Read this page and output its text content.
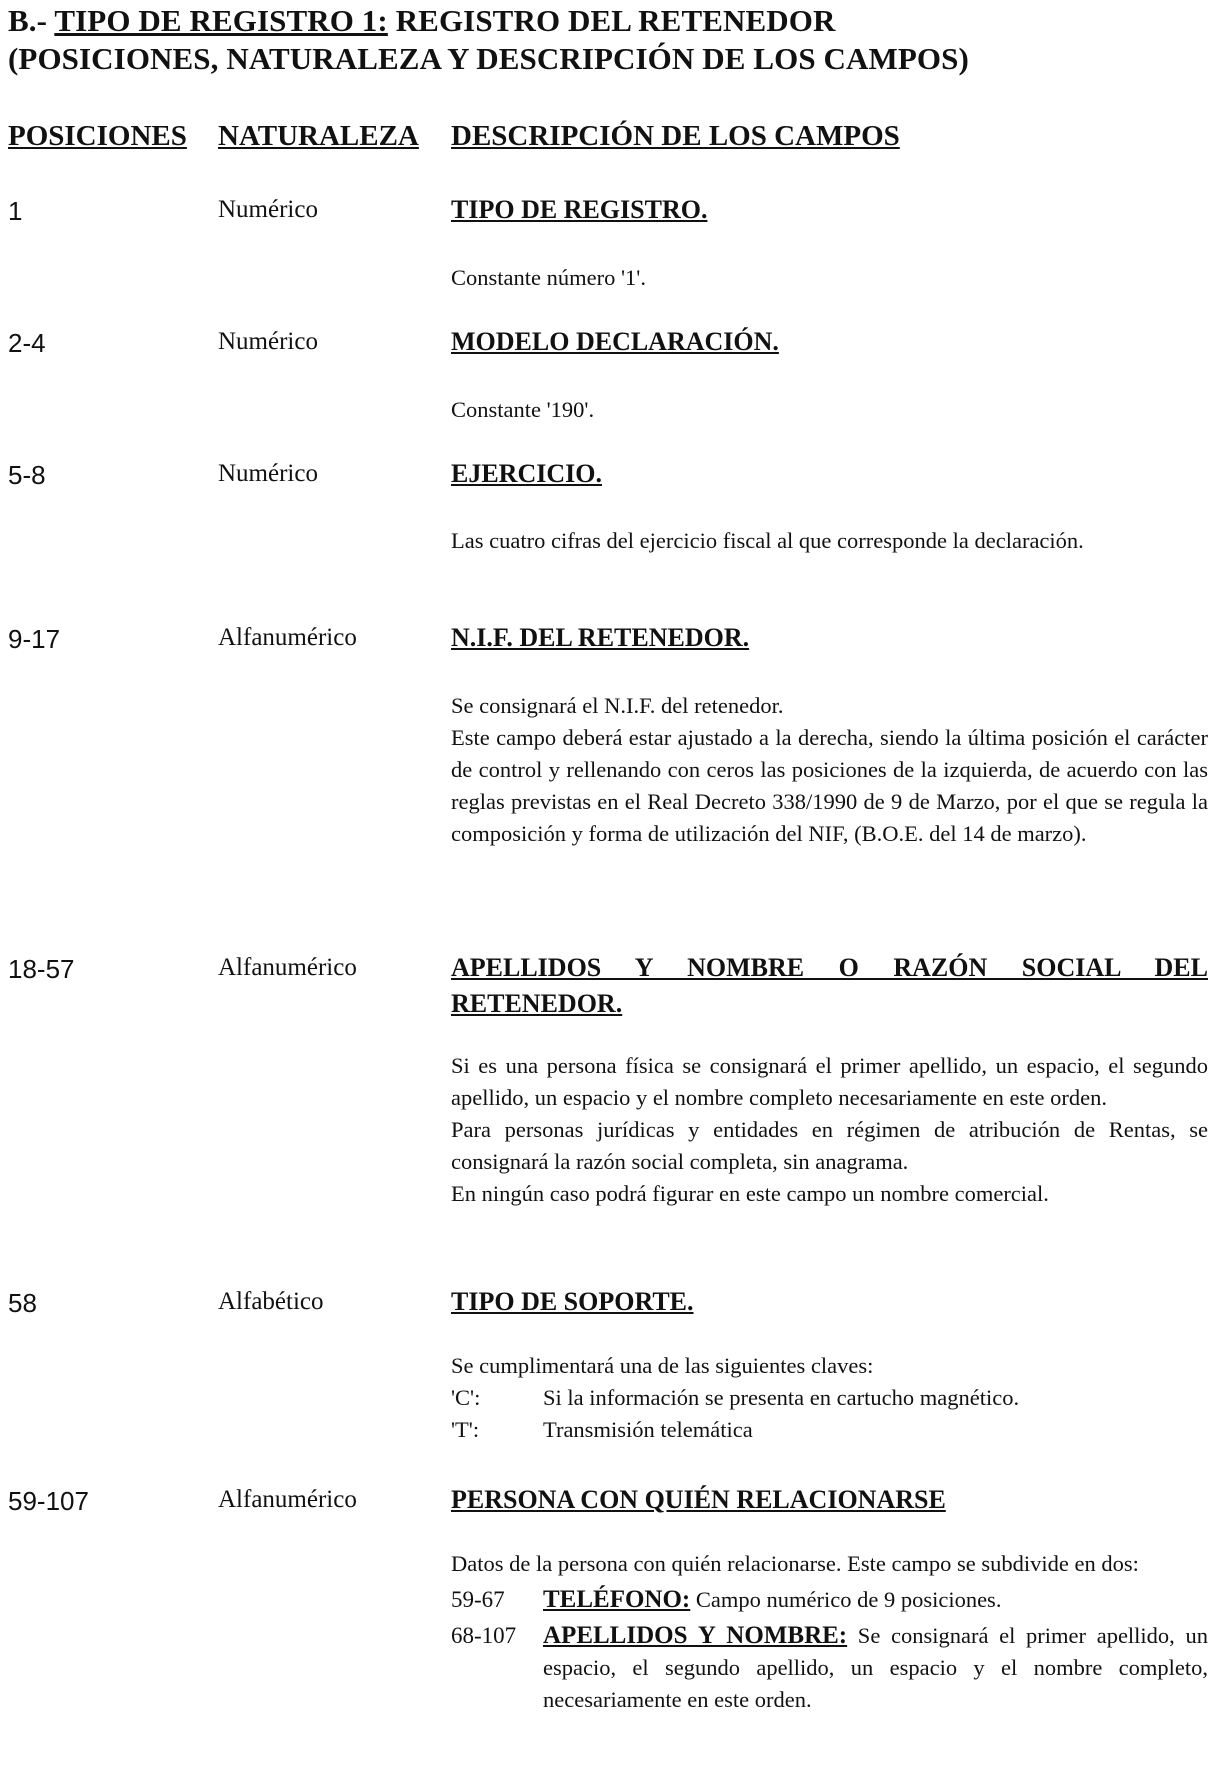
B.- TIPO DE REGISTRO 1: REGISTRO DEL RETENEDOR
(POSICIONES, NATURALEZA Y DESCRIPCIÓN DE LOS CAMPOS)
POSICIONES NATURALEZA DESCRIPCIÓN DE LOS CAMPOS
1	Numérico	TIPO DE REGISTRO.

Constante número '1'.

2-4	Numérico	MODELO DECLARACIÓN.

Constante '190'.

5-8	Numérico	EJERCICIO.

Las cuatro cifras del ejercicio fiscal al que corresponde la declaración.

9-17	Alfanumérico	N.I.F. DEL RETENEDOR.

Se consignará el N.I.F. del retenedor.

Este campo deberá estar ajustado a la derecha, siendo la última posición el carácter de control y rellenando con ceros las posiciones de la izquierda, de acuerdo con las reglas previstas en el Real Decreto 338/1990 de 9 de Marzo, por el que se regula la composición y forma de utilización del NIF, (B.O.E. del 14 de marzo).

18-57	Alfanumérico	APELLIDOS Y NOMBRE O RAZÓN SOCIAL DEL RETENEDOR.

Si es una persona física se consignará el primer apellido, un espacio, el segundo apellido, un espacio y el nombre completo necesariamente en este orden.

Para personas jurídicas y entidades en régimen de atribución de Rentas, se consignará la razón social completa, sin anagrama.

En ningún caso podrá figurar en este campo un nombre comercial.

58	Alfabético	TIPO DE SOPORTE.

Se cumplimentará una de las siguientes claves:

'C':	Si la información se presenta en cartucho magnético.
'T':	Transmisión telemática
59-107	Alfanumérico	PERSONA CON QUIÉN RELACIONARSE

Datos de la persona con quién relacionarse. Este campo se subdivide en dos:

59-67	TELÉFONO: Campo numérico de 9 posiciones.
68-107	APELLIDOS Y NOMBRE: Se consignará el primer apellido, un espacio, el segundo apellido, un espacio y el nombre completo, necesariamente en este orden.
